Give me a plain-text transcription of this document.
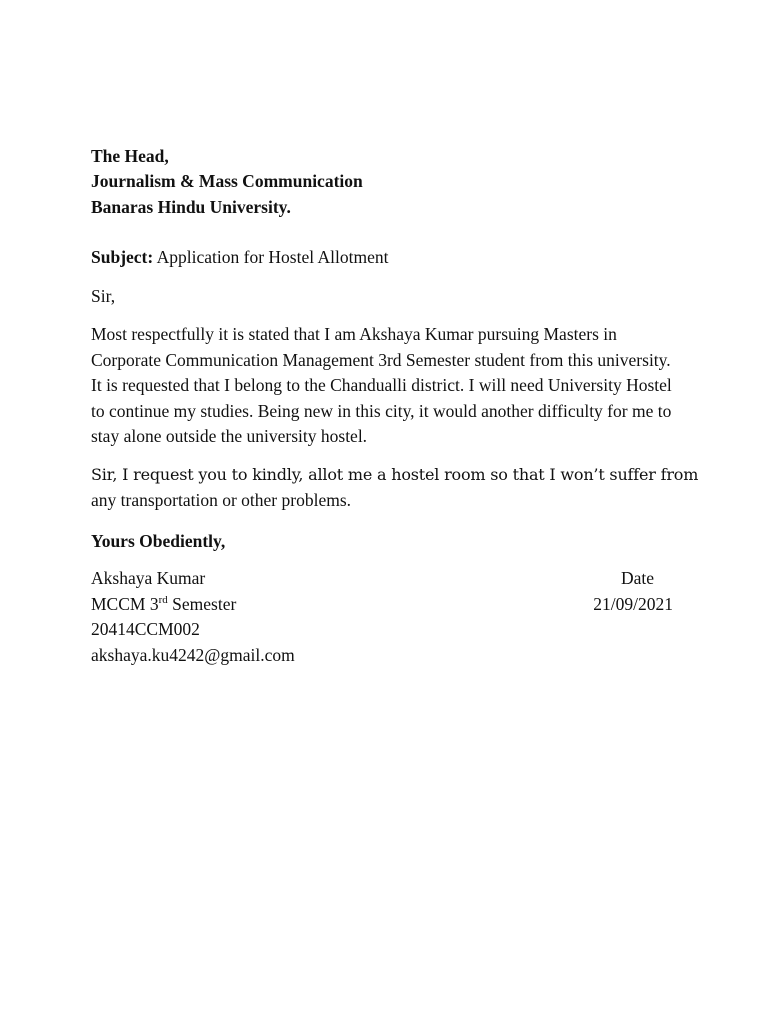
The Head,
Journalism & Mass Communication
Banaras Hindu University.
Subject: Application for Hostel Allotment
Sir,
Most respectfully it is stated that I am Akshaya Kumar pursuing Masters in Corporate Communication Management 3rd Semester student from this university. It is requested that I belong to the Chandualli district. I will need University Hostel to continue my studies. Being new in this city, it would another difficulty for me to stay alone outside the university hostel.
Sir, I request you to kindly, allot me a hostel room so that I won’t suffer from
any transportation or other problems.
Yours Obediently,
Akshaya Kumar
MCCM 3rd Semester
20414CCM002
akshaya.ku4242@gmail.com
Date
21/09/2021
